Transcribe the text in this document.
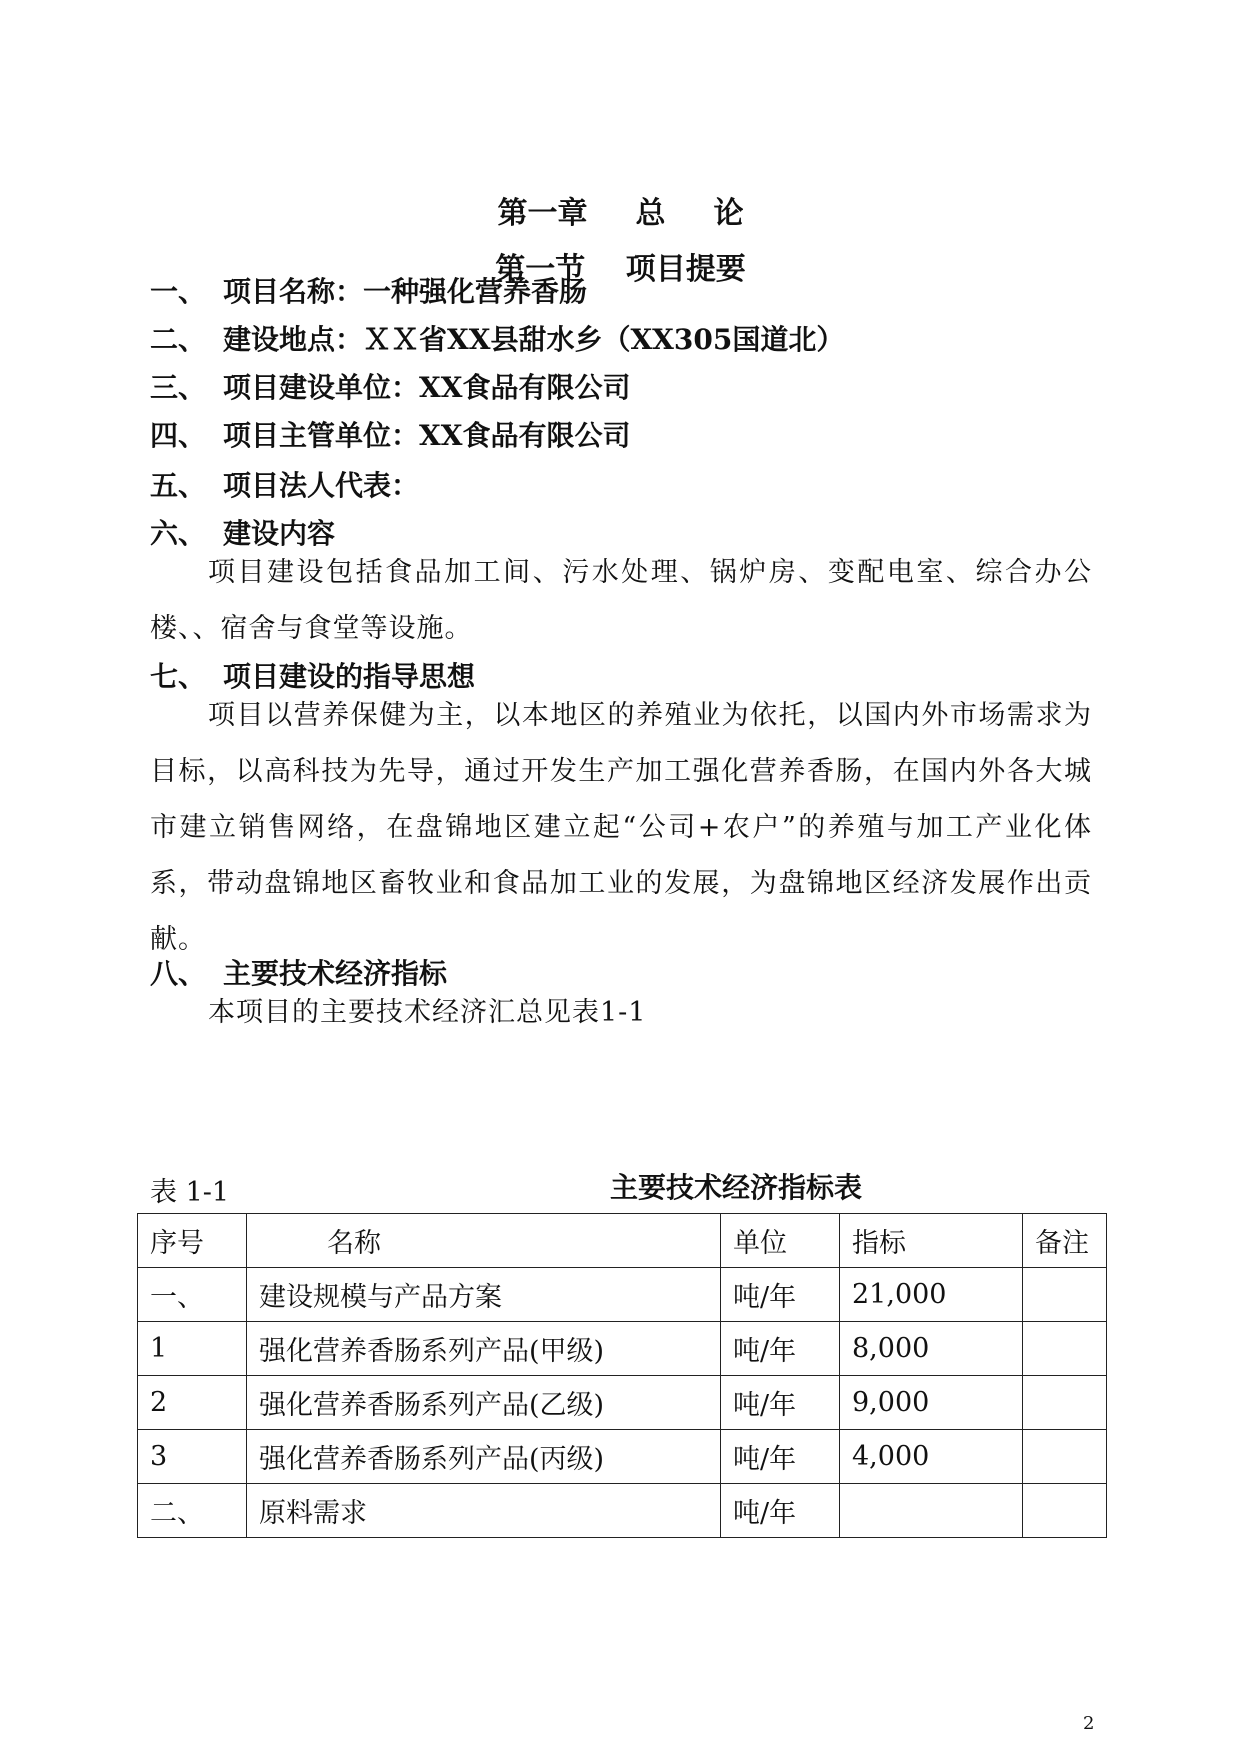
第一章 总 论
第一节　 项目提要
一、 项目名称：一种强化营养香肠
二、 建设地点：ＸＸ省XX县甜水乡（XX305国道北）
三、 项目建设单位：XX食品有限公司
四、 项目主管单位：XX食品有限公司
五、 项目法人代表：
六、 建设内容
项目建设包括食品加工间、污水处理、锅炉房、变配电室、综合办公楼、、宿舍与食堂等设施。
七、 项目建设的指导思想
项目以营养保健为主，以本地区的养殖业为依托，以国内外市场需求为目标，以高科技为先导，通过开发生产加工强化营养香肠，在国内外各大城市建立销售网络，在盘锦地区建立起“公司+农户”的养殖与加工产业化体系，带动盘锦地区畜牧业和食品加工业的发展，为盘锦地区经济发展作出贡献。
八、 主要技术经济指标
本项目的主要技术经济汇总见表1-1
表 1-1	主要技术经济指标表
序号	名称	单位	指标	备注
一、	建设规模与产品方案	吨/年	21,000	
1	强化营养香肠系列产品(甲级)	吨/年	8,000	
2	强化营养香肠系列产品(乙级)	吨/年	9,000	
3	强化营养香肠系列产品(丙级)	吨/年	4,000	
二、	原料需求	吨/年		
2
